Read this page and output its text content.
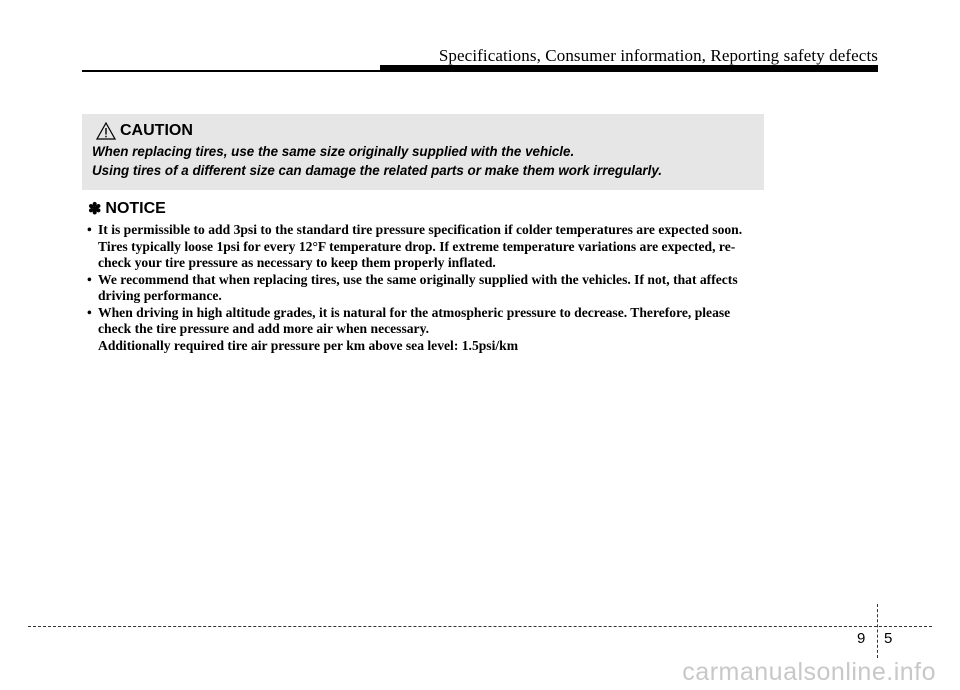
Specifications, Consumer information, Reporting safety defects
CAUTION
When replacing tires, use the same size originally supplied with the vehicle.
Using tires of a different size can damage the related parts or make them work irregularly.
✽ NOTICE
• It is permissible to add 3psi to the standard tire pressure specification if colder temperatures are expected soon.
Tires typically loose 1psi for every 12°F temperature drop. If extreme temperature variations are expected, re-
check your tire pressure as necessary to keep them properly inflated.
• We recommend that when replacing tires, use the same originally supplied with the vehicles. If not, that affects
driving performance.
• When driving in high altitude grades, it is natural for the atmospheric pressure to decrease. Therefore, please
check the tire pressure and add more air when necessary.
Additionally required tire air pressure per km above sea level: 1.5psi/km
9 5
carmanualsonline.info
